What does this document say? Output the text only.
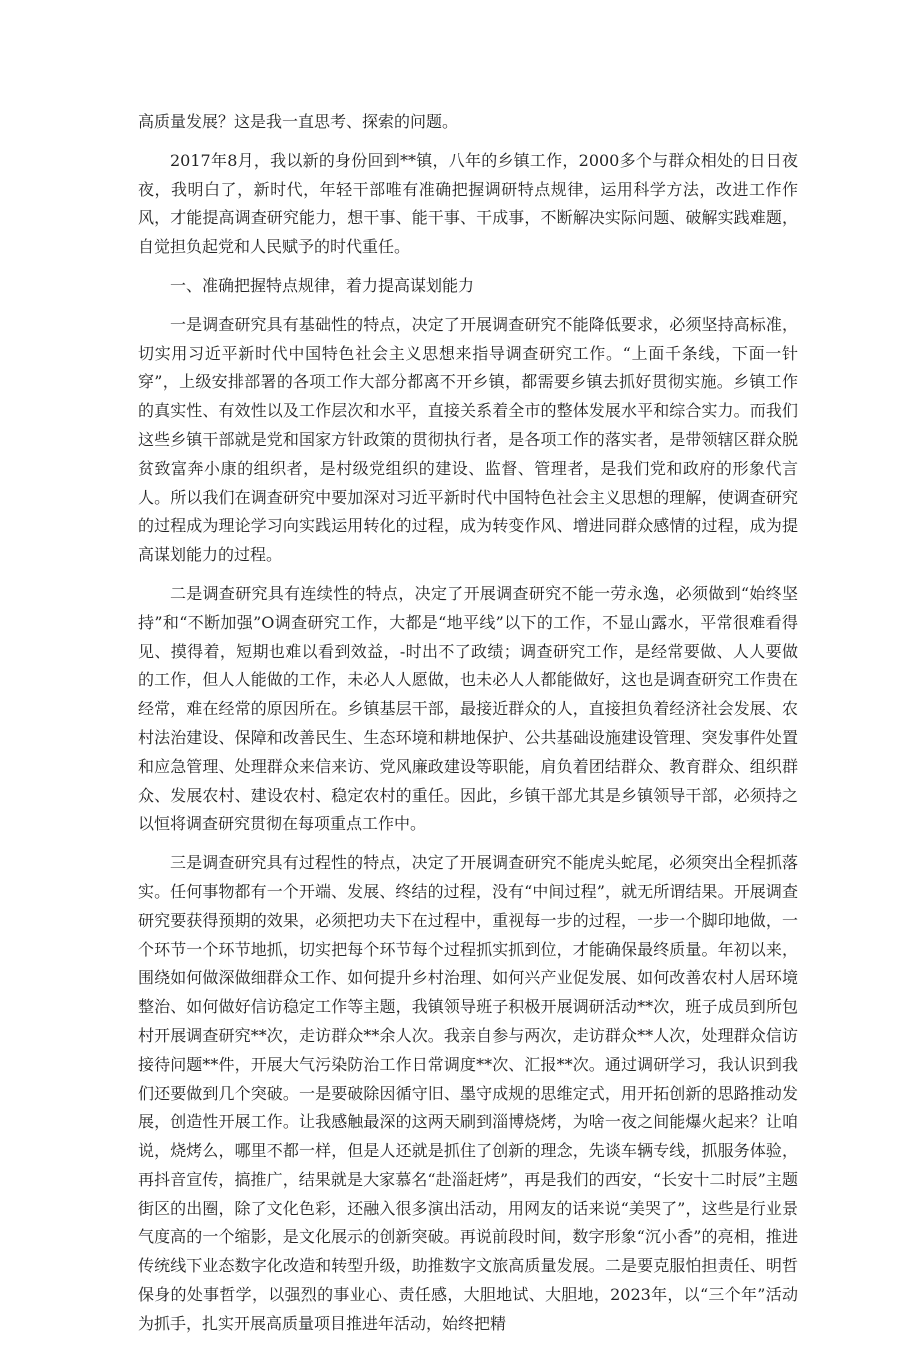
高质量发展？这是我一直思考、探索的问题。

2017年8月，我以新的身份回到**镇，八年的乡镇工作，2000多个与群众相处的日日夜夜，我明白了，新时代，年轻干部唯有准确把握调研特点规律，运用科学方法，改进工作作风，才能提高调查研究能力，想干事、能干事、干成事，不断解决实际问题、破解实践难题，自觉担负起党和人民赋予的时代重任。

一、准确把握特点规律，着力提高谋划能力

一是调查研究具有基础性的特点，决定了开展调查研究不能降低要求，必须坚持高标准，切实用习近平新时代中国特色社会主义思想来指导调查研究工作。“上面千条线，下面一针穿”，上级安排部署的各项工作大部分都离不开乡镇，都需要乡镇去抓好贯彻实施。乡镇工作的真实性、有效性以及工作层次和水平，直接关系着全市的整体发展水平和综合实力。而我们这些乡镇干部就是党和国家方针政策的贯彻执行者，是各项工作的落实者，是带领辖区群众脱贫致富奔小康的组织者，是村级党组织的建设、监督、管理者，是我们党和政府的形象代言人。所以我们在调查研究中要加深对习近平新时代中国特色社会主义思想的理解，使调查研究的过程成为理论学习向实践运用转化的过程，成为转变作风、增进同群众感情的过程，成为提高谋划能力的过程。

二是调查研究具有连续性的特点，决定了开展调查研究不能一劳永逸，必须做到“始终坚持”和“不断加强”O调查研究工作，大都是“地平线”以下的工作，不显山露水，平常很难看得见、摸得着，短期也难以看到效益，-时出不了政绩；调查研究工作，是经常要做、人人要做的工作，但人人能做的工作，未必人人愿做，也未必人人都能做好，这也是调查研究工作贵在经常，难在经常的原因所在。乡镇基层干部，最接近群众的人，直接担负着经济社会发展、农村法治建设、保障和改善民生、生态环境和耕地保护、公共基础设施建设管理、突发事件处置和应急管理、处理群众来信来访、党风廉政建设等职能，肩负着团结群众、教育群众、组织群众、发展农村、建设农村、稳定农村的重任。因此，乡镇干部尤其是乡镇领导干部，必须持之以恒将调查研究贯彻在每项重点工作中。

三是调查研究具有过程性的特点，决定了开展调查研究不能虎头蛇尾，必须突出全程抓落实。任何事物都有一个开端、发展、终结的过程，没有“中间过程”，就无所谓结果。开展调查研究要获得预期的效果，必须把功夫下在过程中，重视每一步的过程，一步一个脚印地做，一个环节一个环节地抓，切实把每个环节每个过程抓实抓到位，才能确保最终质量。年初以来，围绕如何做深做细群众工作、如何提升乡村治理、如何兴产业促发展、如何改善农村人居环境整治、如何做好信访稳定工作等主题，我镇领导班子积极开展调研活动**次，班子成员到所包村开展调查研究**次，走访群众**余人次。我亲自参与两次，走访群众**人次，处理群众信访接待问题**件，开展大气污染防治工作日常调度**次、汇报**次。通过调研学习，我认识到我们还要做到几个突破。一是要破除因循守旧、墨守成规的思维定式，用开拓创新的思路推动发展，创造性开展工作。让我感触最深的这两天刷到淄博烧烤，为啥一夜之间能爆火起来？让咱说，烧烤么，哪里不都一样，但是人还就是抓住了创新的理念，先谈车辆专线，抓服务体验，再抖音宣传，搞推广，结果就是大家慕名“赴淄赶烤”，再是我们的西安，“长安十二时辰”主题街区的出圈，除了文化色彩，还融入很多演出活动，用网友的话来说“美哭了”，这些是行业景气度高的一个缩影，是文化展示的创新突破。再说前段时间，数字形象“沉小香”的亮相，推进传统线下业态数字化改造和转型升级，助推数字文旅高质量发展。二是要克服怕担责任、明哲保身的处事哲学，以强烈的事业心、责任感，大胆地试、大胆地，2023年，以“三个年”活动为抓手，扎实开展高质量项目推进年活动，始终把精
